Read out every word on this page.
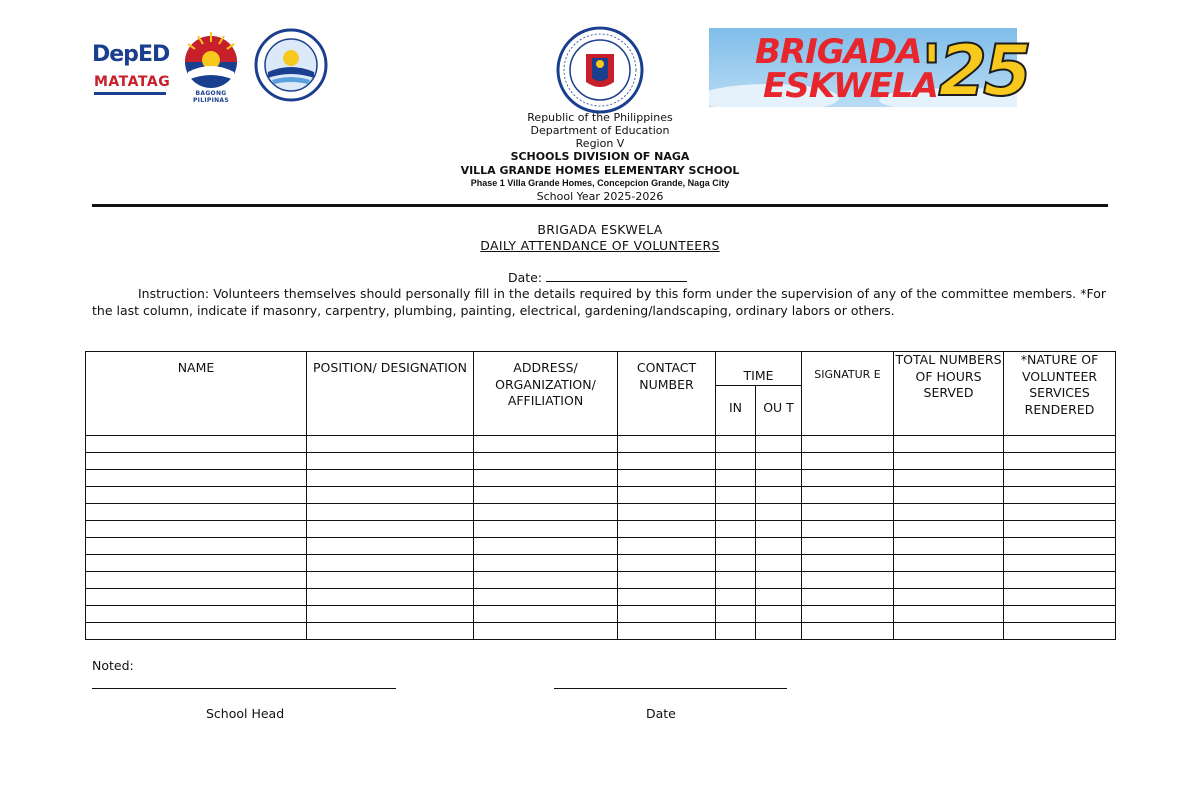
DepED
MATATAG
BAGONG PILIPINAS
BRIGADA
ESKWELA
'25
Republic of the Philippines
Department of Education
Region V
SCHOOLS DIVISION OF NAGA
VILLA GRANDE HOMES ELEMENTARY SCHOOL
Phase 1 Villa Grande Homes, Concepcion Grande, Naga City
School Year 2025-2026
BRIGADA ESKWELA
DAILY ATTENDANCE OF VOLUNTEERS
Date:
Instruction: Volunteers themselves should personally fill in the details required by this form under the supervision of any of the committee members. *For the last column, indicate if masonry, carpentry, plumbing, painting, electrical, gardening/landscaping, ordinary labors or others.
NAME	POSITION/ DESIGNATION	ADDRESS/ ORGANIZATION/ AFFILIATION	CONTACT NUMBER	TIME		SIGNATUR E	TOTAL NUMBERS OF HOURS SERVED	*NATURE OF VOLUNTEER SERVICES RENDERED
				IN	OU T			

Noted:
School Head	Date
